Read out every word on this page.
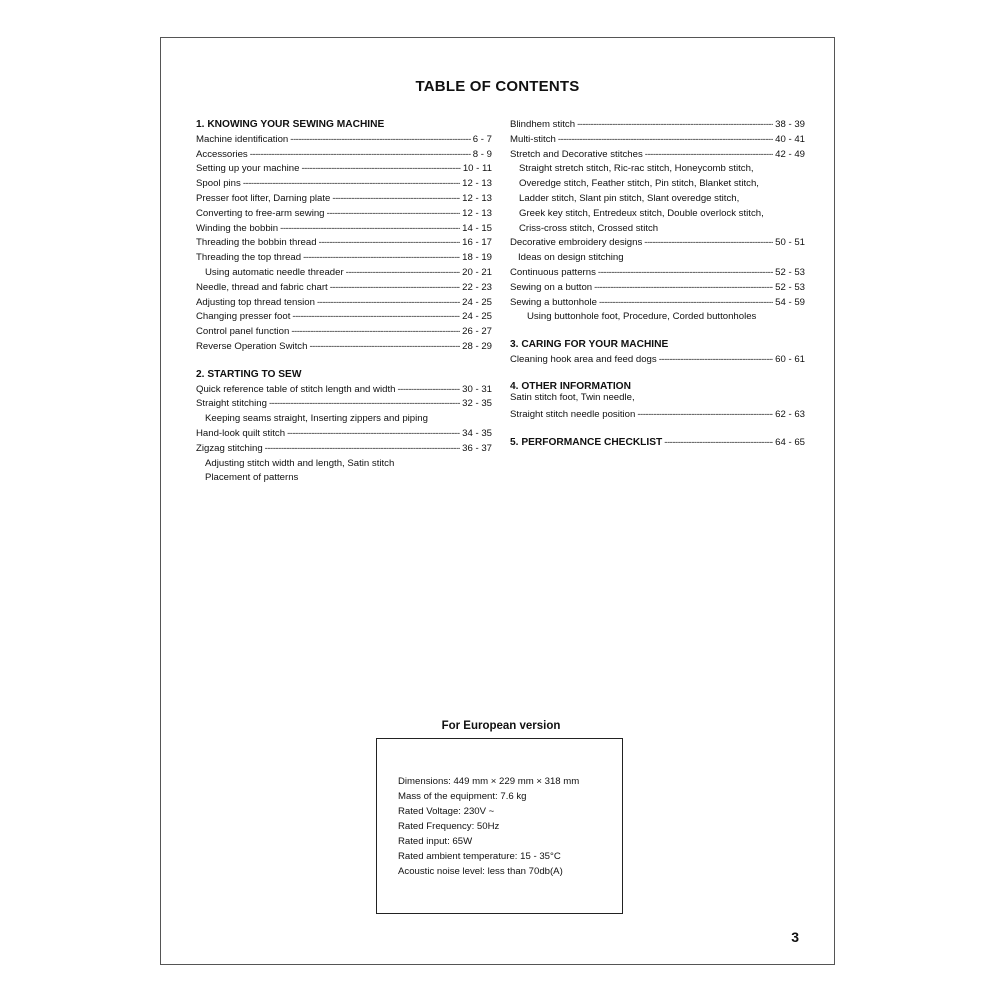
TABLE OF CONTENTS
1. KNOWING YOUR SEWING MACHINE
Machine identification -----	6 - 7
Accessories -----	8 - 9
Setting up your machine -----	10 - 11
Spool pins -----	12 - 13
Presser foot lifter, Darning plate -----	12 - 13
Converting to free-arm sewing -----	12 - 13
Winding the bobbin -----	14 - 15
Threading the bobbin thread -----	16 - 17
Threading the top thread -----	18 - 19
Using automatic needle threader -----	20 - 21
Needle, thread and fabric chart -----	22 - 23
Adjusting top thread tension -----	24 - 25
Changing presser foot -----	24 - 25
Control panel function -----	26 - 27
Reverse Operation Switch -----	28 - 29
2. STARTING TO SEW
Quick reference table of stitch length and width -----	30 - 31
Straight stitching -----	32 - 35
Keeping seams straight, Inserting zippers and piping
Hand-look quilt stitch -----	34 - 35
Zigzag stitching -----	36 - 37
Adjusting stitch width and length, Satin stitch
Placement of patterns
Blindhem stitch -----	38 - 39
Multi-stitch -----	40 - 41
Stretch and Decorative stitches -----	42 - 49
Straight stretch stitch, Ric-rac stitch, Honeycomb stitch,
Overedge stitch, Feather stitch, Pin stitch, Blanket stitch,
Ladder stitch, Slant pin stitch, Slant overedge stitch,
Greek key stitch, Entredeux stitch, Double overlock stitch,
Criss-cross stitch, Crossed stitch
Decorative embroidery designs -----	50 - 51
Ideas on design stitching
Continuous patterns -----	52 - 53
Sewing on a button -----	52 - 53
Sewing a buttonhole -----	54 - 59
Using buttonhole foot, Procedure, Corded buttonholes
3. CARING FOR YOUR MACHINE
Cleaning hook area and feed dogs -----	60 - 61
4. OTHER INFORMATION
Satin stitch foot, Twin needle,
Straight stitch needle position -----	62 - 63
5. PERFORMANCE CHECKLIST -----	64 - 65
For European version
Dimensions: 449 mm × 229 mm × 318 mm
Mass of the equipment: 7.6 kg
Rated Voltage: 230V ~
Rated Frequency: 50Hz
Rated input: 65W
Rated ambient temperature: 15 - 35°C
Acoustic noise level: less than 70db(A)
3
